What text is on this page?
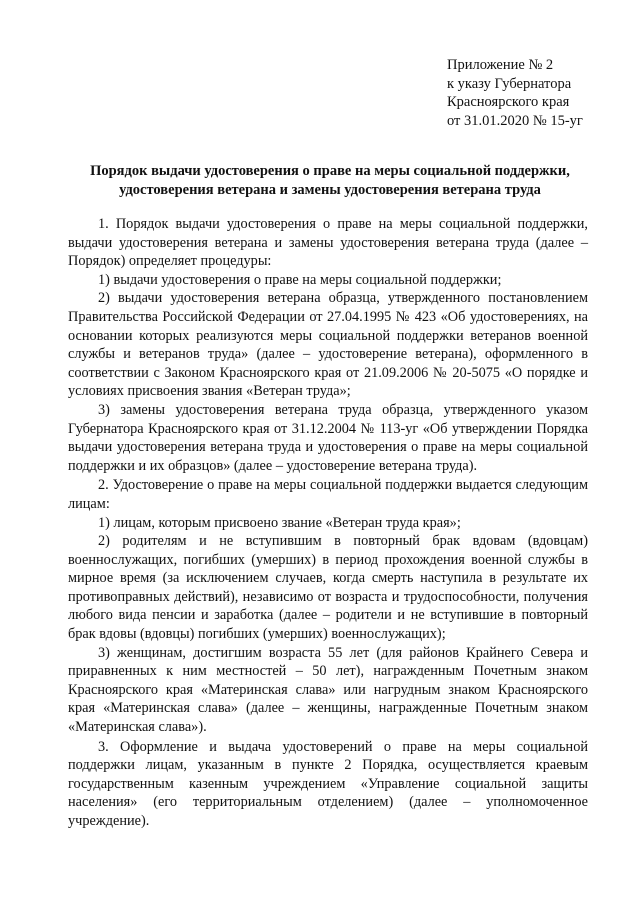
Приложение № 2
к указу Губернатора
Красноярского края
от 31.01.2020 № 15-уг
Порядок выдачи удостоверения о праве на меры социальной поддержки,
удостоверения ветерана и замены удостоверения ветерана труда

1. Порядок выдачи удостоверения о праве на меры социальной поддержки, выдачи удостоверения ветерана и замены удостоверения ветерана труда (далее – Порядок) определяет процедуры:

1) выдачи удостоверения о праве на меры социальной поддержки;

2) выдачи удостоверения ветерана образца, утвержденного постановлением Правительства Российской Федерации от 27.04.1995 № 423 «Об удостоверениях, на основании которых реализуются меры социальной поддержки ветеранов военной службы и ветеранов труда» (далее – удостоверение ветерана), оформленного в соответствии с Законом Красноярского края от 21.09.2006 № 20-5075 «О порядке и условиях присвоения звания «Ветеран труда»;

3) замены удостоверения ветерана труда образца, утвержденного указом Губернатора Красноярского края от 31.12.2004 № 113-уг «Об утверждении Порядка выдачи удостоверения ветерана труда и удостоверения о праве на меры социальной поддержки и их образцов» (далее – удостоверение ветерана труда).

2. Удостоверение о праве на меры социальной поддержки выдается следующим лицам:

1) лицам, которым присвоено звание «Ветеран труда края»;

2) родителям и не вступившим в повторный брак вдовам (вдовцам) военнослужащих, погибших (умерших) в период прохождения военной службы в мирное время (за исключением случаев, когда смерть наступила в результате их противоправных действий), независимо от возраста и трудоспособности, получения любого вида пенсии и заработка (далее – родители и не вступившие в повторный брак вдовы (вдовцы) погибших (умерших) военнослужащих);

3) женщинам, достигшим возраста 55 лет (для районов Крайнего Севера и приравненных к ним местностей – 50 лет), награжденным Почетным знаком Красноярского края «Материнская слава» или нагрудным знаком Красноярского края «Материнская слава» (далее – женщины, награжденные Почетным знаком «Материнская слава»).

3. Оформление и выдача удостоверений о праве на меры социальной поддержки лицам, указанным в пункте 2 Порядка, осуществляется краевым государственным казенным учреждением «Управление социальной защиты населения» (его территориальным отделением) (далее – уполномоченное учреждение).
